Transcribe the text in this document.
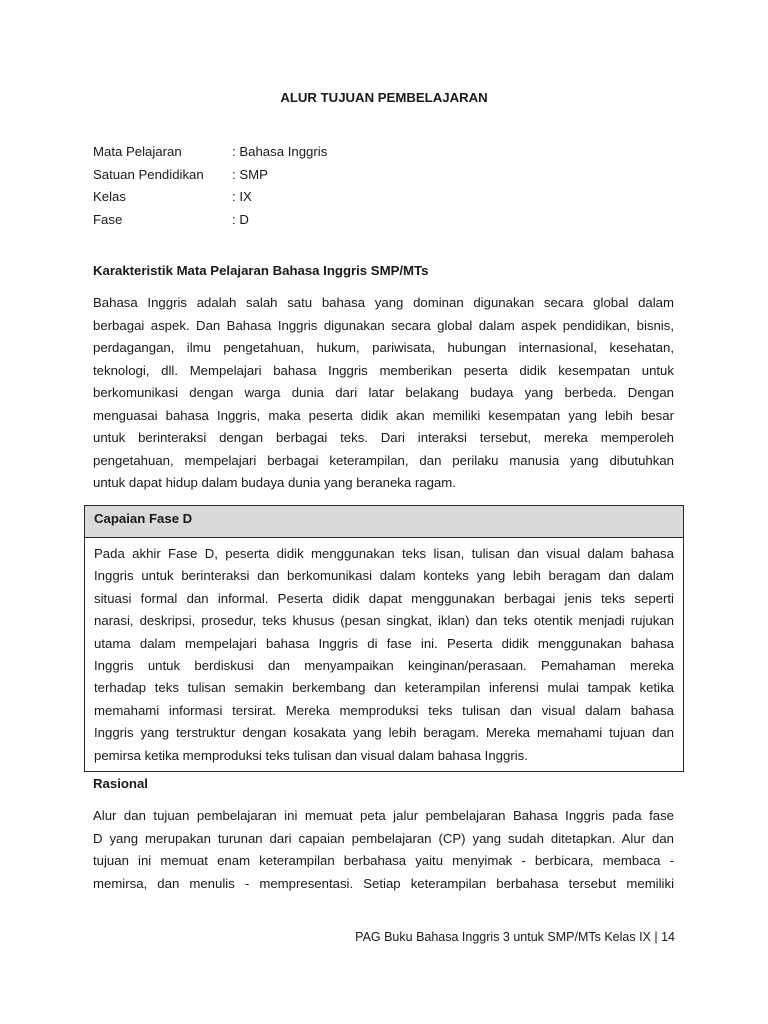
ALUR TUJUAN PEMBELAJARAN
Mata Pelajaran	: Bahasa Inggris
Satuan Pendidikan	: SMP
Kelas	: IX
Fase	: D
Karakteristik Mata Pelajaran Bahasa Inggris SMP/MTs

Bahasa Inggris adalah salah satu bahasa yang dominan digunakan secara global dalam
berbagai aspek. Dan Bahasa Inggris digunakan secara global dalam aspek pendidikan, bisnis,
perdagangan, ilmu pengetahuan, hukum, pariwisata, hubungan internasional, kesehatan,
teknologi, dll. Mempelajari bahasa Inggris memberikan peserta didik kesempatan untuk
berkomunikasi dengan warga dunia dari latar belakang budaya yang berbeda. Dengan
menguasai bahasa Inggris, maka peserta didik akan memiliki kesempatan yang lebih besar
untuk berinteraksi dengan berbagai teks. Dari interaksi tersebut, mereka memperoleh
pengetahuan, mempelajari berbagai keterampilan, dan perilaku manusia yang dibutuhkan
untuk dapat hidup dalam budaya dunia yang beraneka ragam.

Capaian Fase D
Pada akhir Fase D, peserta didik menggunakan teks lisan, tulisan dan visual dalam bahasa
Inggris untuk berinteraksi dan berkomunikasi dalam konteks yang lebih beragam dan dalam
situasi formal dan informal. Peserta didik dapat menggunakan berbagai jenis teks seperti
narasi, deskripsi, prosedur, teks khusus (pesan singkat, iklan) dan teks otentik menjadi rujukan
utama dalam mempelajari bahasa Inggris di fase ini. Peserta didik menggunakan bahasa
Inggris untuk berdiskusi dan menyampaikan keinginan/perasaan. Pemahaman mereka
terhadap teks tulisan semakin berkembang dan keterampilan inferensi mulai tampak ketika
memahami informasi tersirat. Mereka memproduksi teks tulisan dan visual dalam bahasa
Inggris yang terstruktur dengan kosakata yang lebih beragam. Mereka memahami tujuan dan
pemirsa ketika memproduksi teks tulisan dan visual dalam bahasa Inggris.
Rasional

Alur dan tujuan pembelajaran ini memuat peta jalur pembelajaran Bahasa Inggris pada fase
D yang merupakan turunan dari capaian pembelajaran (CP) yang sudah ditetapkan. Alur dan
tujuan ini memuat enam keterampilan berbahasa yaitu menyimak - berbicara, membaca -
memirsa, dan menulis - mempresentasi. Setiap keterampilan berbahasa tersebut memiliki

PAG Buku Bahasa Inggris 3 untuk SMP/MTs Kelas IX | 14
